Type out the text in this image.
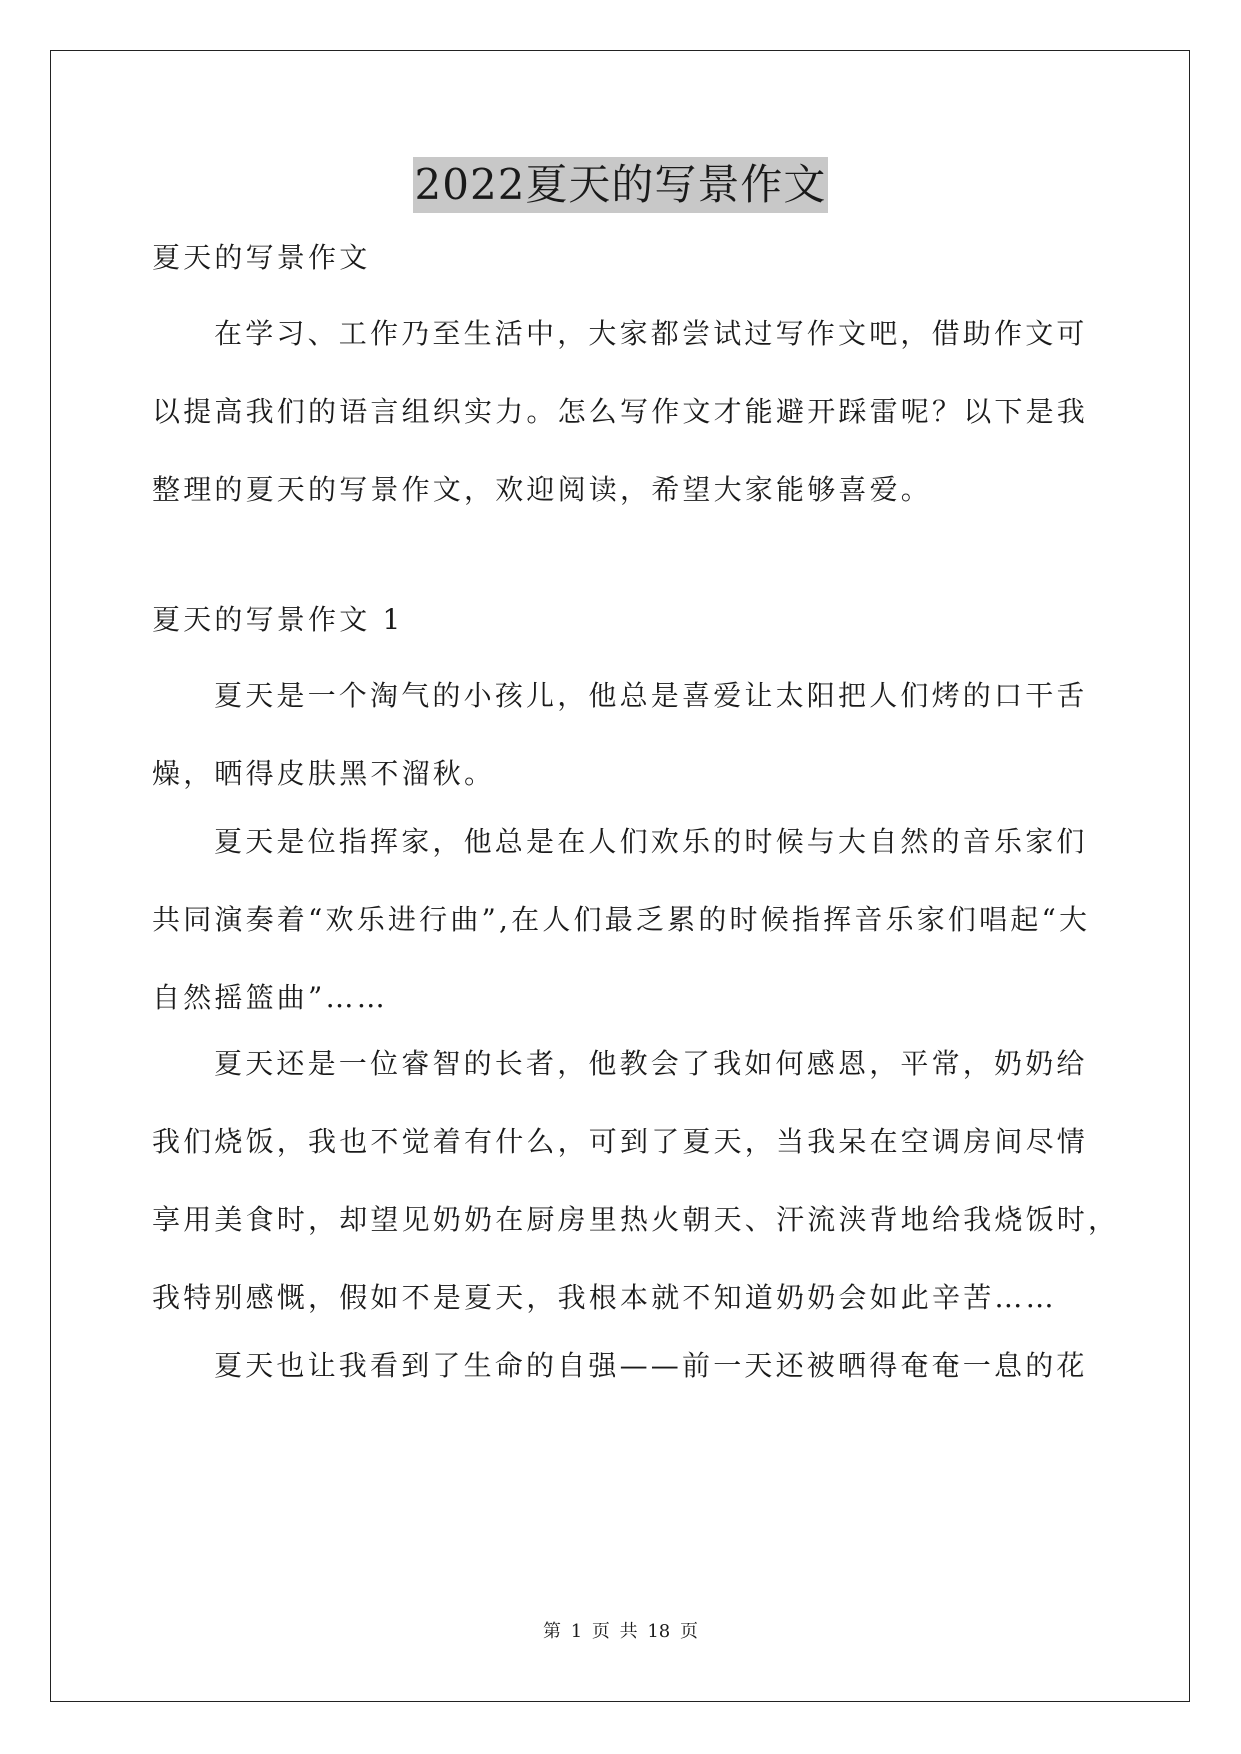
2022夏天的写景作文
夏天的写景作文
在学习、工作乃至生活中，大家都尝试过写作文吧，借助作文可
以提高我们的语言组织实力。怎么写作文才能避开踩雷呢？以下是我
整理的夏天的写景作文，欢迎阅读，希望大家能够喜爱。
夏天的写景作文 1
夏天是一个淘气的小孩儿，他总是喜爱让太阳把人们烤的口干舌
燥，晒得皮肤黑不溜秋。
夏天是位指挥家，他总是在人们欢乐的时候与大自然的音乐家们
共同演奏着“欢乐进行曲”,在人们最乏累的时候指挥音乐家们唱起“大
自然摇篮曲”……
夏天还是一位睿智的长者，他教会了我如何感恩，平常，奶奶给
我们烧饭，我也不觉着有什么，可到了夏天，当我呆在空调房间尽情
享用美食时，却望见奶奶在厨房里热火朝天、汗流浃背地给我烧饭时，
我特别感慨，假如不是夏天，我根本就不知道奶奶会如此辛苦……
夏天也让我看到了生命的自强——前一天还被晒得奄奄一息的花
第 1 页 共 18 页
